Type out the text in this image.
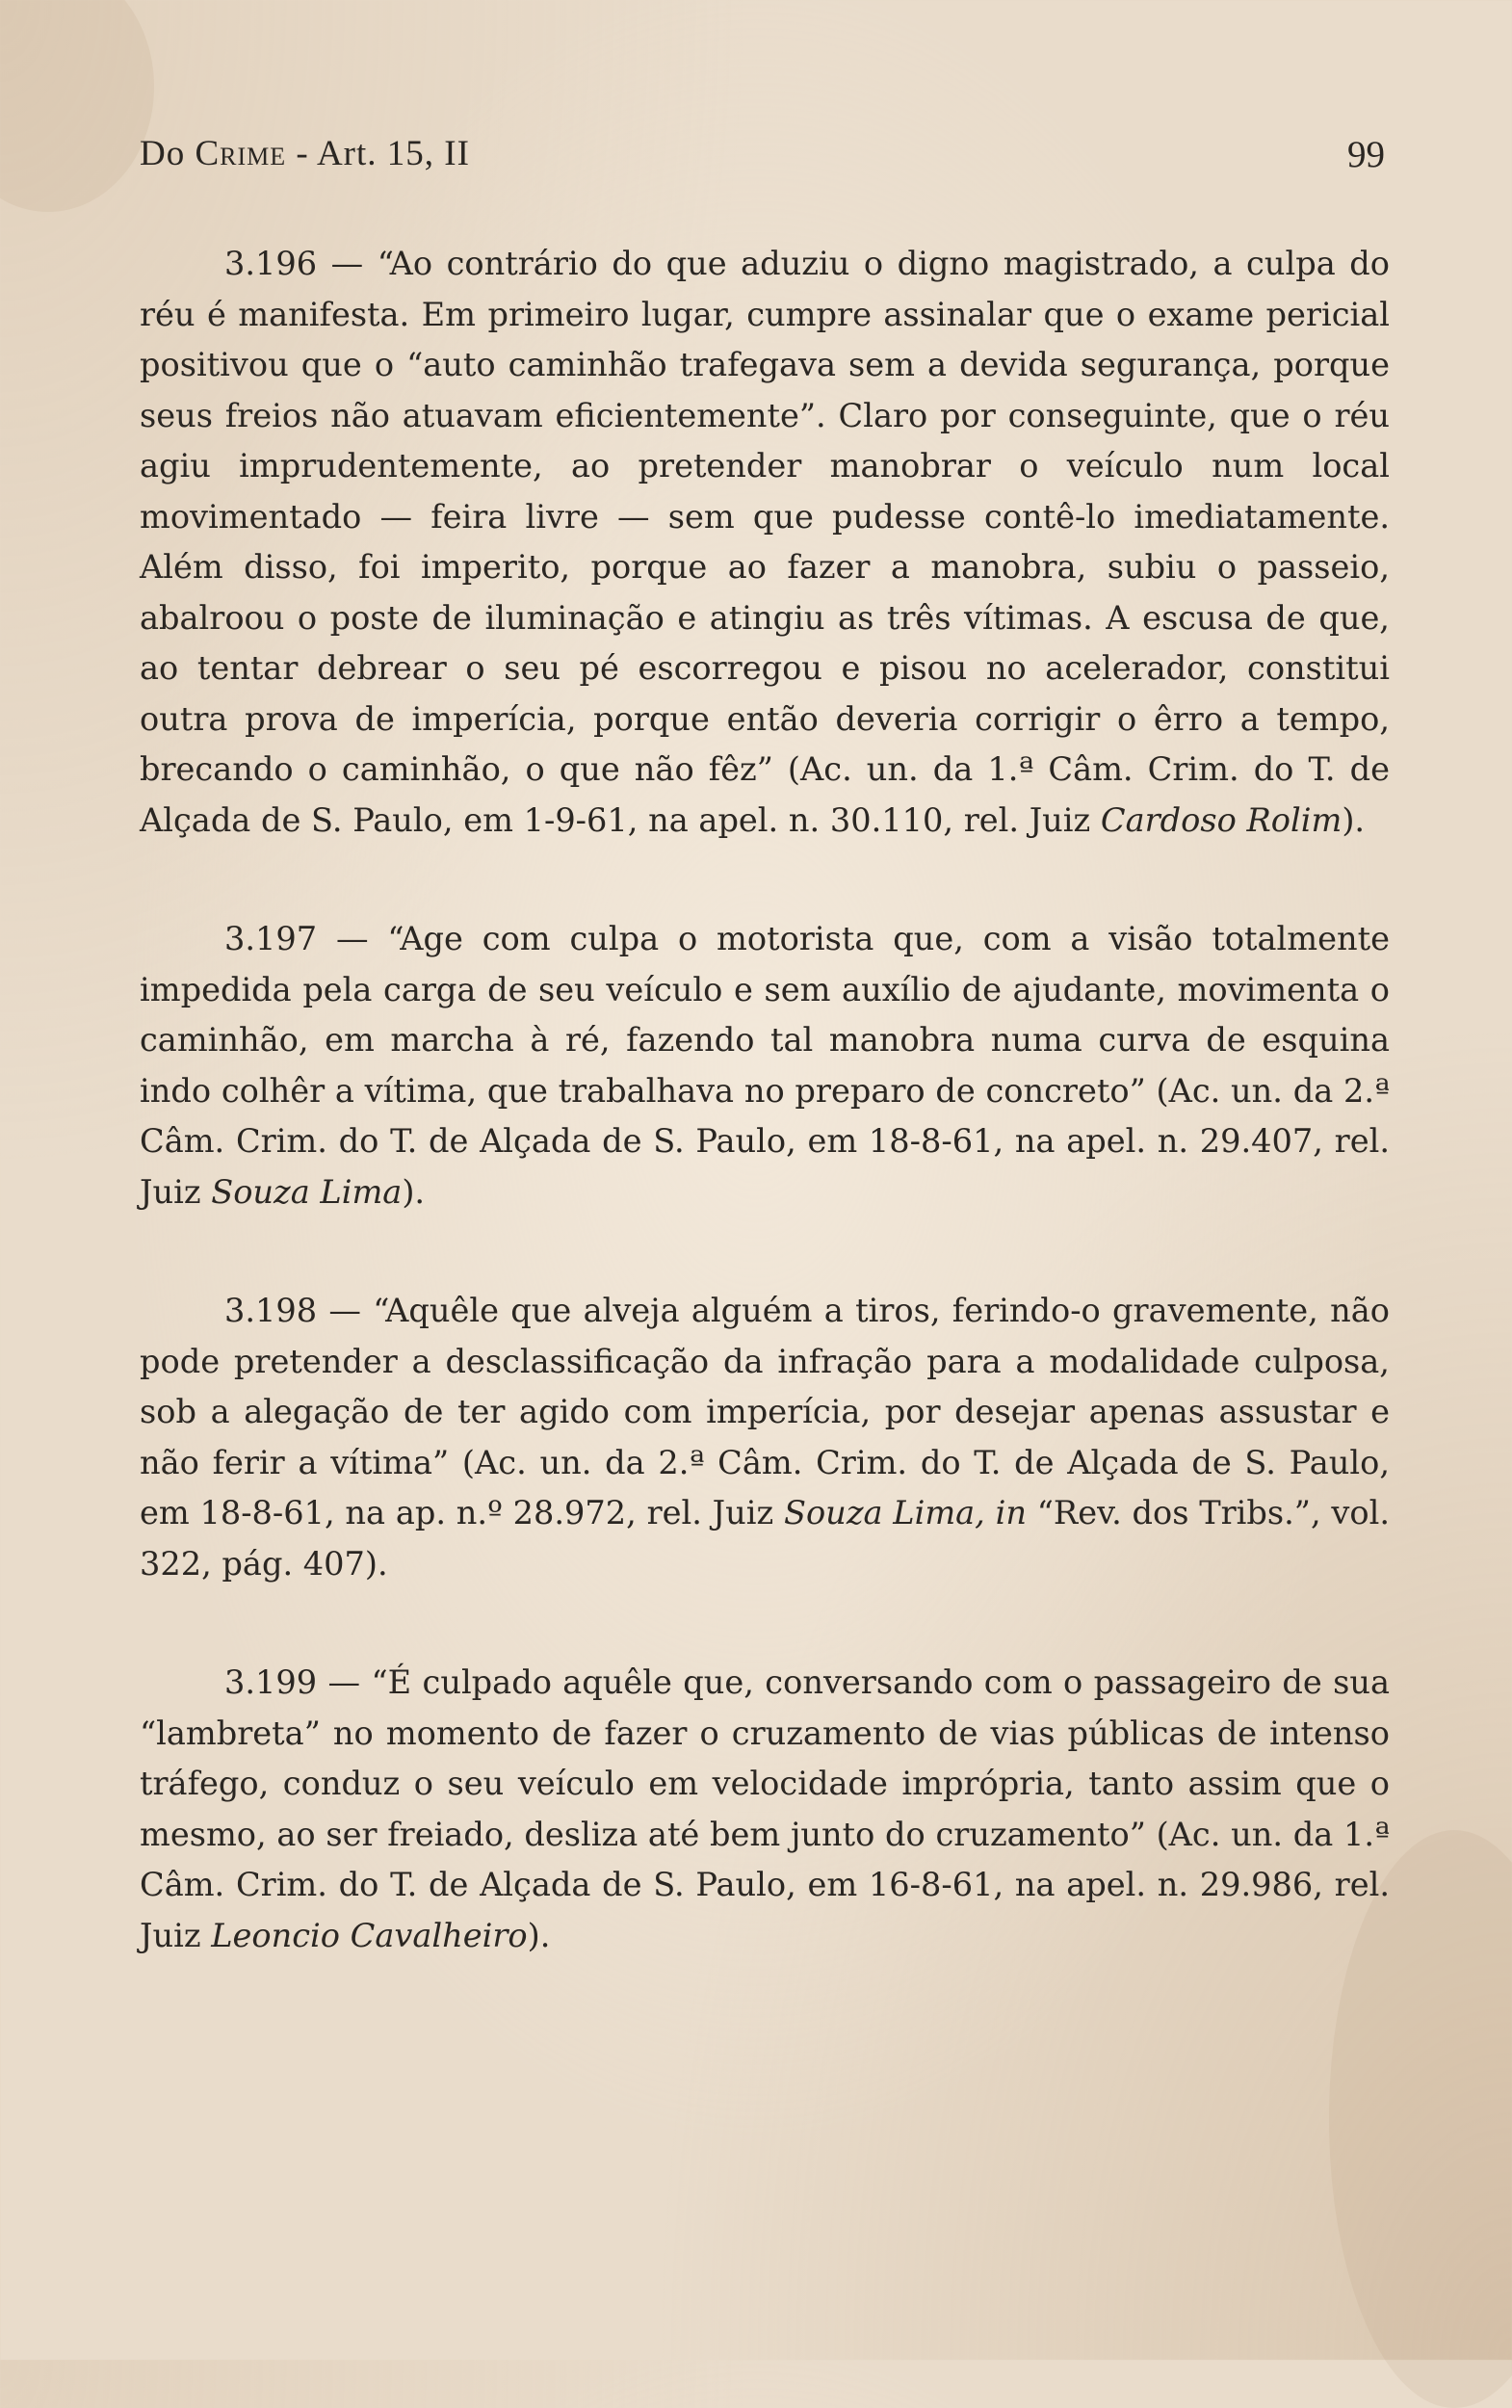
Do Crime - Art. 15, II	99

3.196 — “Ao contrário do que aduziu o digno magistrado, a culpa do réu é manifesta. Em primeiro lugar, cumpre assinalar que o exame pericial positivou que o “auto caminhão trafegava sem a devida segurança, porque seus freios não atuavam eficientemente”. Claro por conseguinte, que o réu agiu imprudentemente, ao pretender manobrar o veículo num local movimentado — feira livre — sem que pudesse contê-lo imediatamente. Além disso, foi imperito, porque ao fazer a manobra, subiu o passeio, abalroou o poste de iluminação e atingiu as três vítimas. A escusa de que, ao tentar debrear o seu pé escorregou e pisou no acelerador, constitui outra prova de imperícia, porque então deveria corrigir o êrro a tempo, brecando o caminhão, o que não fêz” (Ac. un. da 1.ª Câm. Crim. do T. de Alçada de S. Paulo, em 1-9-61, na apel. n. 30.110, rel. Juiz Cardoso Rolim).

3.197 — “Age com culpa o motorista que, com a visão totalmente impedida pela carga de seu veículo e sem auxílio de ajudante, movimenta o caminhão, em marcha à ré, fazendo tal manobra numa curva de esquina indo colhêr a vítima, que trabalhava no preparo de concreto” (Ac. un. da 2.ª Câm. Crim. do T. de Alçada de S. Paulo, em 18-8-61, na apel. n. 29.407, rel. Juiz Souza Lima).

3.198 — “Aquêle que alveja alguém a tiros, ferindo-o gravemente, não pode pretender a desclassificação da infração para a modalidade culposa, sob a alegação de ter agido com imperícia, por desejar apenas assustar e não ferir a vítima” (Ac. un. da 2.ª Câm. Crim. do T. de Alçada de S. Paulo, em 18-8-61, na ap. n.º 28.972, rel. Juiz Souza Lima, in “Rev. dos Tribs.”, vol. 322, pág. 407).

3.199 — “É culpado aquêle que, conversando com o passageiro de sua “lambreta” no momento de fazer o cruzamento de vias públicas de intenso tráfego, conduz o seu veículo em velocidade imprópria, tanto assim que o mesmo, ao ser freiado, desliza até bem junto do cruzamento” (Ac. un. da 1.ª Câm. Crim. do T. de Alçada de S. Paulo, em 16-8-61, na apel. n. 29.986, rel. Juiz Leoncio Cavalheiro).
